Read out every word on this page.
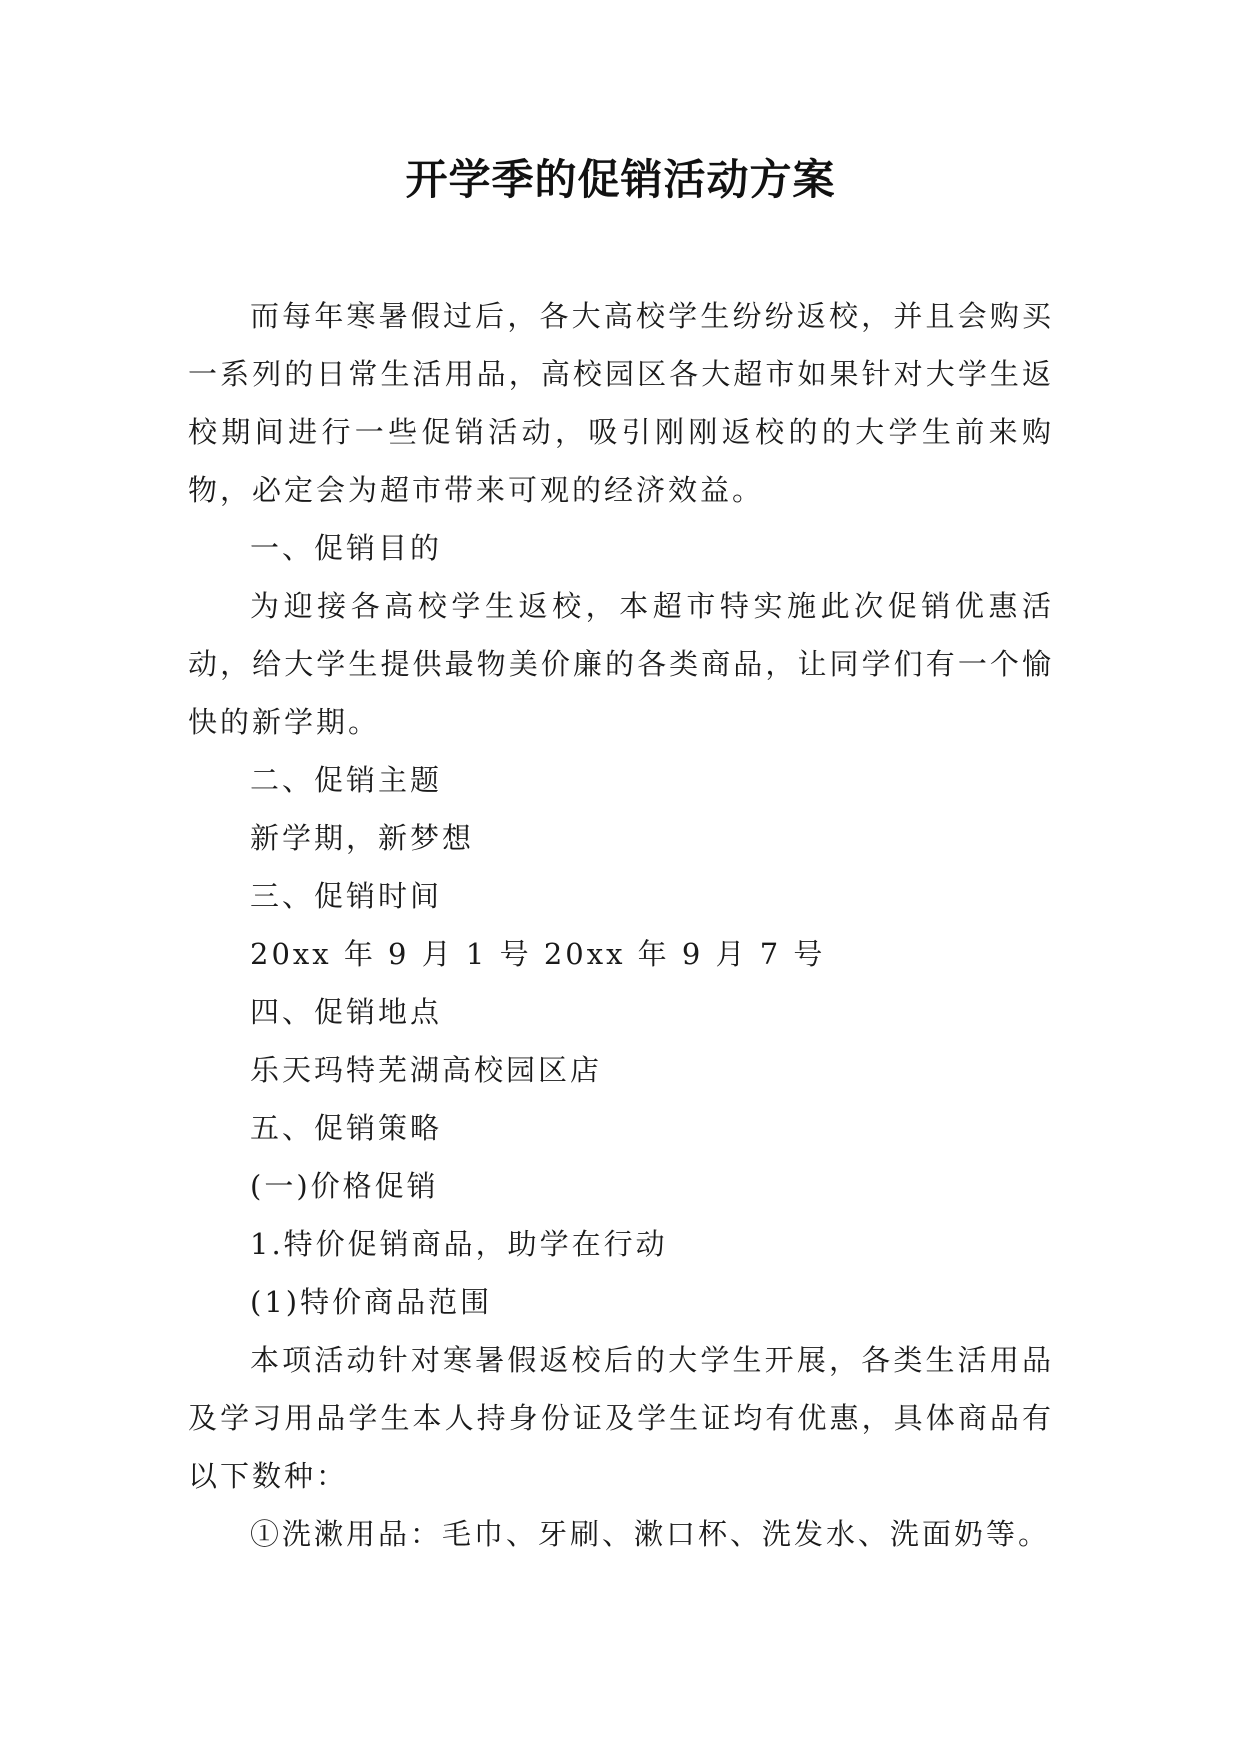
开学季的促销活动方案

而每年寒暑假过后，各大高校学生纷纷返校，并且会购买一系列的日常生活用品，高校园区各大超市如果针对大学生返校期间进行一些促销活动，吸引刚刚返校的的大学生前来购物，必定会为超市带来可观的经济效益。

一、促销目的

为迎接各高校学生返校，本超市特实施此次促销优惠活动，给大学生提供最物美价廉的各类商品，让同学们有一个愉快的新学期。

二、促销主题

新学期，新梦想

三、促销时间

20xx 年 9 月 1 号 20xx 年 9 月 7 号

四、促销地点

乐天玛特芜湖高校园区店

五、促销策略

(一)价格促销

1.特价促销商品，助学在行动

(1)特价商品范围

本项活动针对寒暑假返校后的大学生开展，各类生活用品及学习用品学生本人持身份证及学生证均有优惠，具体商品有以下数种：

①洗漱用品：毛巾、牙刷、漱口杯、洗发水、洗面奶等。
